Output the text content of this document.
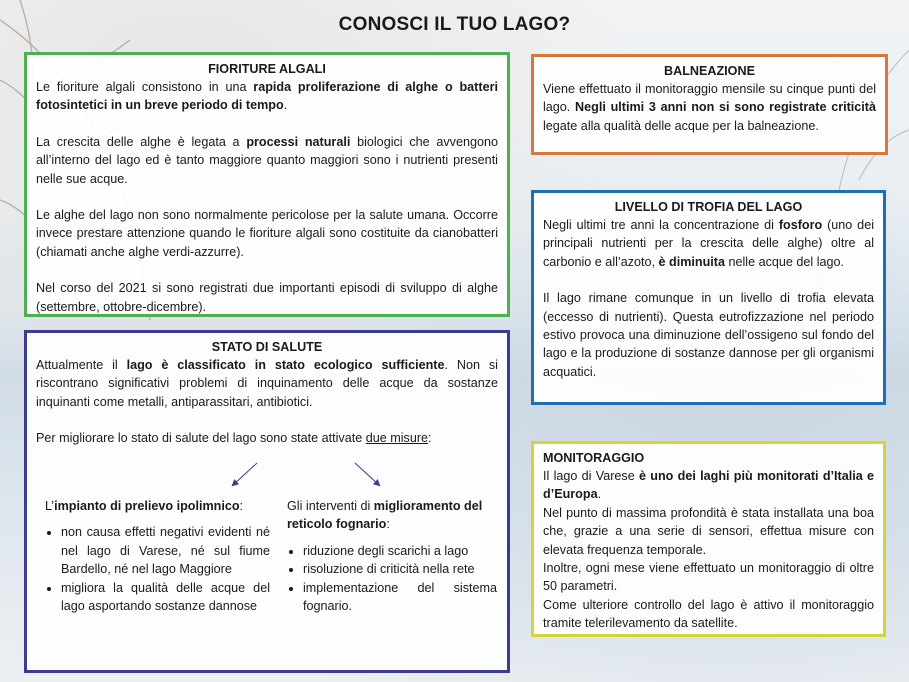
CONOSCI IL TUO LAGO?
FIORITURE ALGALI

Le fioriture algali consistono in una rapida proliferazione di alghe o batteri fotosintetici in un breve periodo di tempo.

La crescita delle alghe è legata a processi naturali biologici che avvengono all’interno del lago ed è tanto maggiore quanto maggiori sono i nutrienti presenti nelle sue acque.

Le alghe del lago non sono normalmente pericolose per la salute umana. Occorre invece prestare attenzione quando le fioriture algali sono costituite da cianobatteri (chiamati anche alghe verdi-azzurre).

Nel corso del 2021 si sono registrati due importanti episodi di sviluppo di alghe (settembre, ottobre-dicembre).

BALNEAZIONE

Viene effettuato il monitoraggio mensile su cinque punti del lago. Negli ultimi 3 anni non si sono registrate criticità legate alla qualità delle acque per la balneazione.

LIVELLO DI TROFIA DEL LAGO

Negli ultimi tre anni la concentrazione di fosforo (uno dei principali nutrienti per la crescita delle alghe) oltre al carbonio e all’azoto, è diminuita nelle acque del lago.

Il lago rimane comunque in un livello di trofia elevata (eccesso di nutrienti). Questa eutrofizzazione nel periodo estivo provoca una diminuzione dell’ossigeno sul fondo del lago e la produzione di sostanze dannose per gli organismi acquatici.

STATO DI SALUTE

Attualmente il lago è classificato in stato ecologico sufficiente. Non si riscontrano significativi problemi di inquinamento delle acque da sostanze inquinanti come metalli, antiparassitari, antibiotici.

Per migliorare lo stato di salute del lago sono state attivate due misure:

L’impianto di prelievo ipolimnico:

• non causa effetti negativi evidenti né nel lago di Varese, né sul fiume Bardello, né nel lago Maggiore
• migliora la qualità delle acque del lago asportando sostanze dannose

Gli interventi di miglioramento del reticolo fognario:

• riduzione degli scarichi a lago
• risoluzione di criticità nella rete
• implementazione del sistema fognario.
MONITORAGGIO

Il lago di Varese è uno dei laghi più monitorati d’Italia e d’Europa.

Nel punto di massima profondità è stata installata una boa che, grazie a una serie di sensori, effettua misure con elevata frequenza temporale.

Inoltre, ogni mese viene effettuato un monitoraggio di oltre 50 parametri.

Come ulteriore controllo del lago è attivo il monitoraggio tramite telerilevamento da satellite.
